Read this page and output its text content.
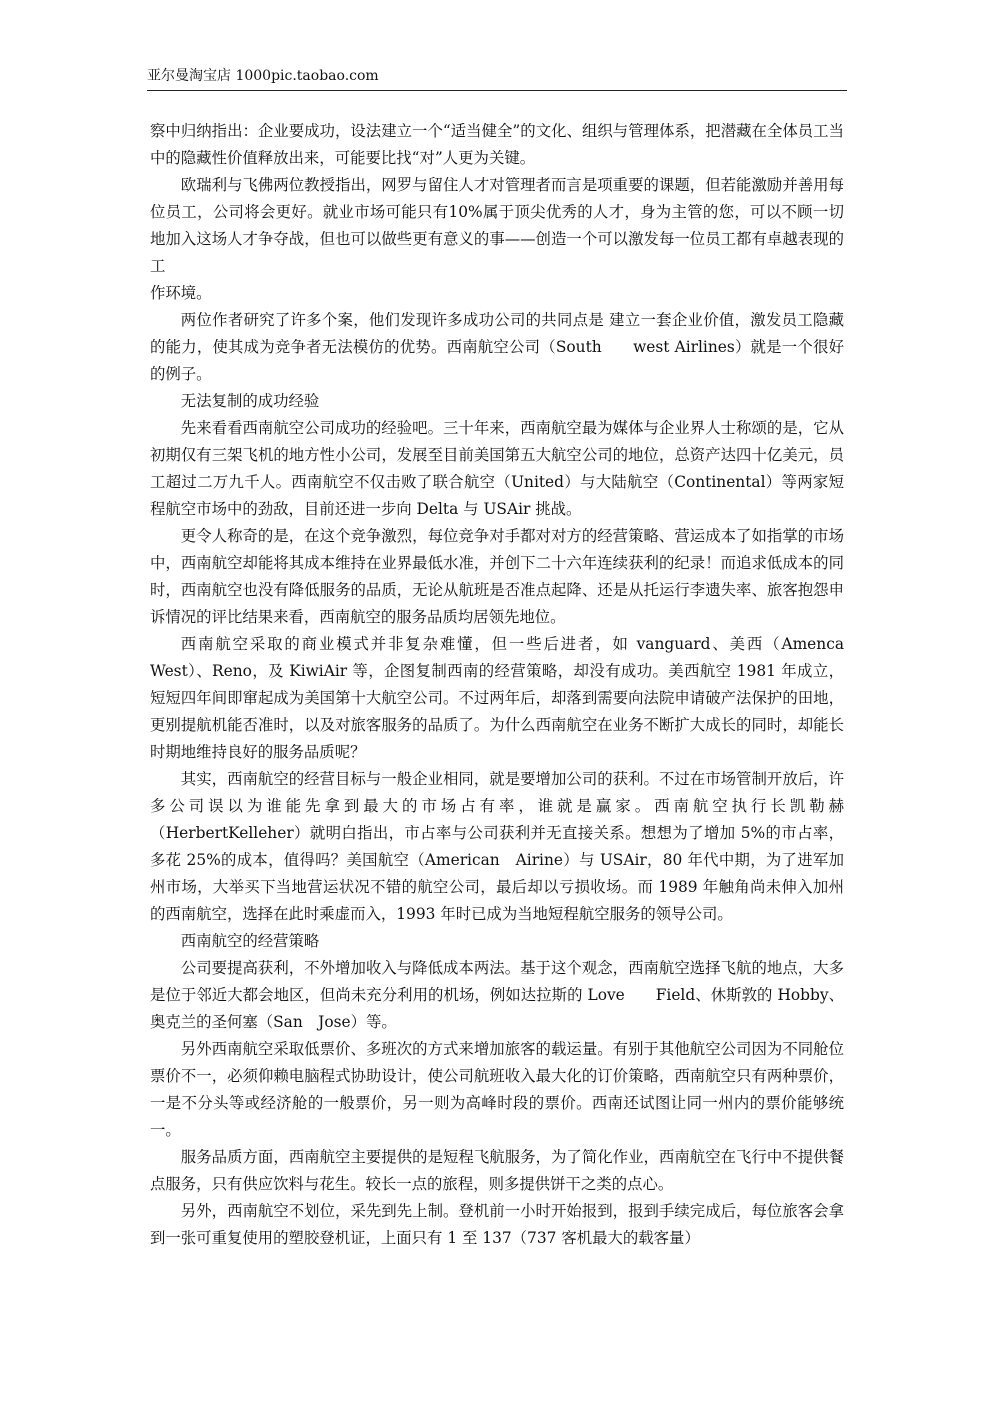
亚尔曼淘宝店 1000pic.taobao.com

察中归纳指出：企业要成功，设法建立一个“适当健全”的文化、组织与管理体系，把潜藏在全体员工当中的隐藏性价值释放出来，可能要比找“对”人更为关键。

欧瑞利与飞佛两位教授指出，网罗与留住人才对管理者而言是项重要的课题，但若能激励并善用每位员工，公司将会更好。就业市场可能只有10%属于顶尖优秀的人才，身为主管的您，可以不顾一切地加入这场人才争夺战，但也可以做些更有意义的事——创造一个可以激发每一位员工都有卓越表现的工

作环境。

两位作者研究了许多个案，他们发现许多成功公司的共同点是 建立一套企业价值，激发员工隐藏的能力，使其成为竞争者无法模仿的优势。西南航空公司（South　　west Airlines）就是一个很好的例子。

无法复制的成功经验

先来看看西南航空公司成功的经验吧。三十年来，西南航空最为媒体与企业界人士称颂的是，它从初期仅有三架飞机的地方性小公司，发展至目前美国第五大航空公司的地位，总资产达四十亿美元，员工超过二万九千人。西南航空不仅击败了联合航空（United）与大陆航空（Continental）等两家短程航空市场中的劲敌，目前还进一步向 Delta 与 USAir 挑战。

更令人称奇的是，在这个竞争激烈，每位竞争对手都对对方的经营策略、营运成本了如指掌的市场中，西南航空却能将其成本维持在业界最低水准，并创下二十六年连续获利的纪录！而追求低成本的同时，西南航空也没有降低服务的品质，无论从航班是否准点起降、还是从托运行李遗失率、旅客抱怨申诉情况的评比结果来看，西南航空的服务品质均居领先地位。

西南航空采取的商业模式并非复杂难懂，但一些后进者，如 vanguard、美西（Amenca West）、Reno，及 KiwiAir 等，企图复制西南的经营策略，却没有成功。美西航空 1981 年成立，短短四年间即窜起成为美国第十大航空公司。不过两年后，却落到需要向法院申请破产法保护的田地，更别提航机能否准时，以及对旅客服务的品质了。为什么西南航空在业务不断扩大成长的同时，却能长时期地维持良好的服务品质呢？

其实，西南航空的经营目标与一般企业相同，就是要增加公司的获利。不过在市场管制开放后，许多公司误以为谁能先拿到最大的市场占有率，谁就是赢家。西南航空执行长凯勒赫（HerbertKelleher）就明白指出，市占率与公司获利并无直接关系。想想为了增加 5%的市占率，多花 25%的成本，值得吗？美国航空（American　Airine）与 USAir，80 年代中期，为了进军加州市场，大举买下当地营运状况不错的航空公司，最后却以亏损收场。而 1989 年触角尚未伸入加州的西南航空，选择在此时乘虚而入，1993 年时已成为当地短程航空服务的领导公司。

西南航空的经营策略

公司要提高获利，不外增加收入与降低成本两法。基于这个观念，西南航空选择飞航的地点，大多是位于邻近大都会地区，但尚未充分利用的机场，例如达拉斯的 Love　　Field、休斯敦的 Hobby、奥克兰的圣何塞（San　Jose）等。

另外西南航空采取低票价、多班次的方式来增加旅客的载运量。有别于其他航空公司因为不同舱位票价不一，必须仰赖电脑程式协助设计，使公司航班收入最大化的订价策略，西南航空只有两种票价，一是不分头等或经济舱的一般票价，另一则为高峰时段的票价。西南还试图让同一州内的票价能够统一。

服务品质方面，西南航空主要提供的是短程飞航服务，为了简化作业，西南航空在飞行中不提供餐点服务，只有供应饮料与花生。较长一点的旅程，则多提供饼干之类的点心。

另外，西南航空不划位，采先到先上制。登机前一小时开始报到，报到手续完成后，每位旅客会拿到一张可重复使用的塑胶登机证，上面只有 1 至 137（737 客机最大的载客量）
